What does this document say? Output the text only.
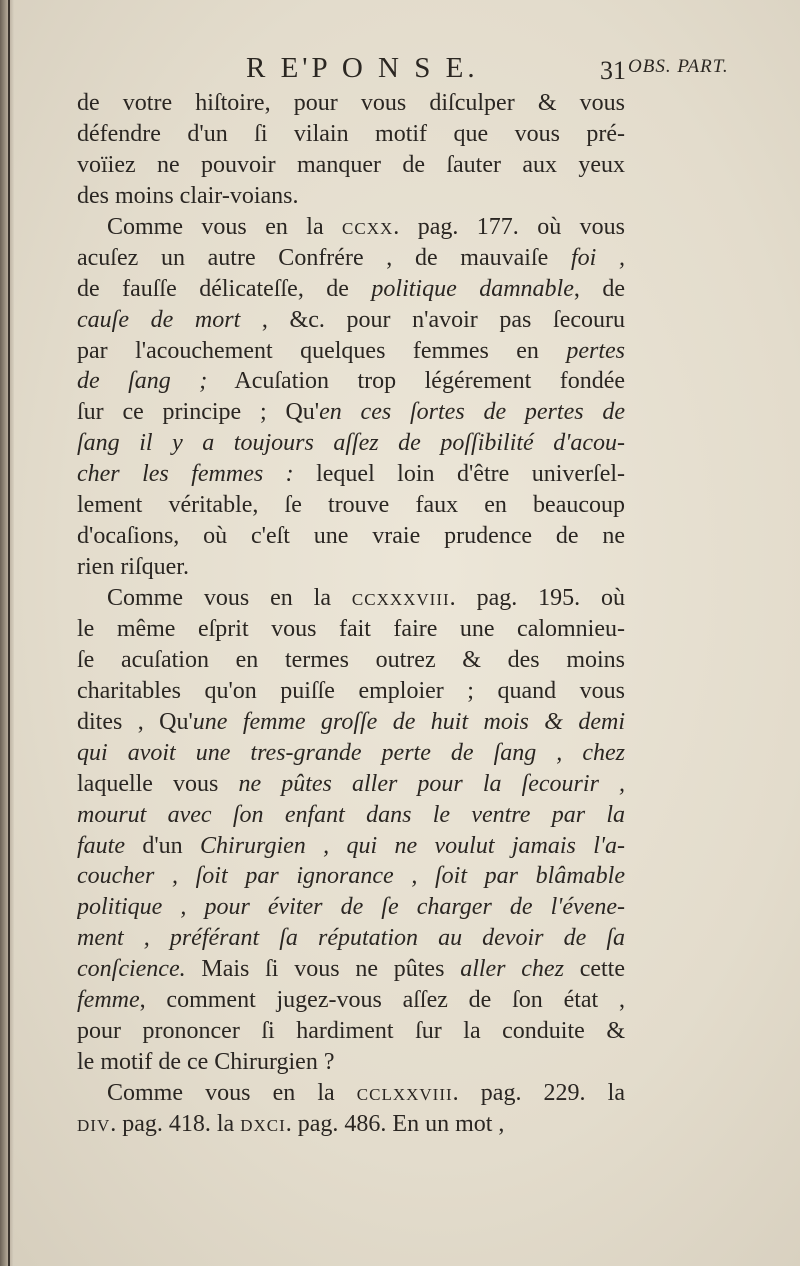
R E'P O N S E.	31 OBS. PART.
de votre hiſtoire, pour vous diſculper & vous
défendre d'un ſi vilain motif que vous pré-
voïiez ne pouvoir manquer de ſauter aux yeux
des moins clair-voians.
Comme vous en la ccxx. pag. 177. où vous
acuſez un autre Confrére , de mauvaiſe foi ,
de fauſſe délicateſſe, de politique damnable, de
cauſe de mort , &c. pour n'avoir pas ſecouru
par l'acouchement quelques femmes en pertes
de ſang ; Acuſation trop légérement fondée
ſur ce principe ; Qu'en ces ſortes de pertes de
ſang il y a toujours aſſez de poſſibilité d'acou-
cher les femmes : lequel loin d'être univerſel-
lement véritable, ſe trouve faux en beaucoup
d'ocaſions, où c'eſt une vraie prudence de ne
rien riſquer.
Comme vous en la ccxxxviii. pag. 195. où
le même eſprit vous fait faire une calomnieu-
ſe acuſation en termes outrez & des moins
charitables qu'on puiſſe emploier ; quand vous
dites , Qu'une femme groſſe de huit mois & demi
qui avoit une tres-grande perte de ſang , chez
laquelle vous ne pûtes aller pour la ſecourir ,
mourut avec ſon enfant dans le ventre par la
faute d'un Chirurgien , qui ne voulut jamais l'a-
coucher , ſoit par ignorance , ſoit par blâmable
politique , pour éviter de ſe charger de l'évene-
ment , préférant ſa réputation au devoir de ſa
conſcience. Mais ſi vous ne pûtes aller chez cette
femme, comment jugez-vous aſſez de ſon état ,
pour prononcer ſi hardiment ſur la conduite &
le motif de ce Chirurgien ?
Comme vous en la cclxxviii. pag. 229. la
div. pag. 418. la dxci. pag. 486. En un mot ,
